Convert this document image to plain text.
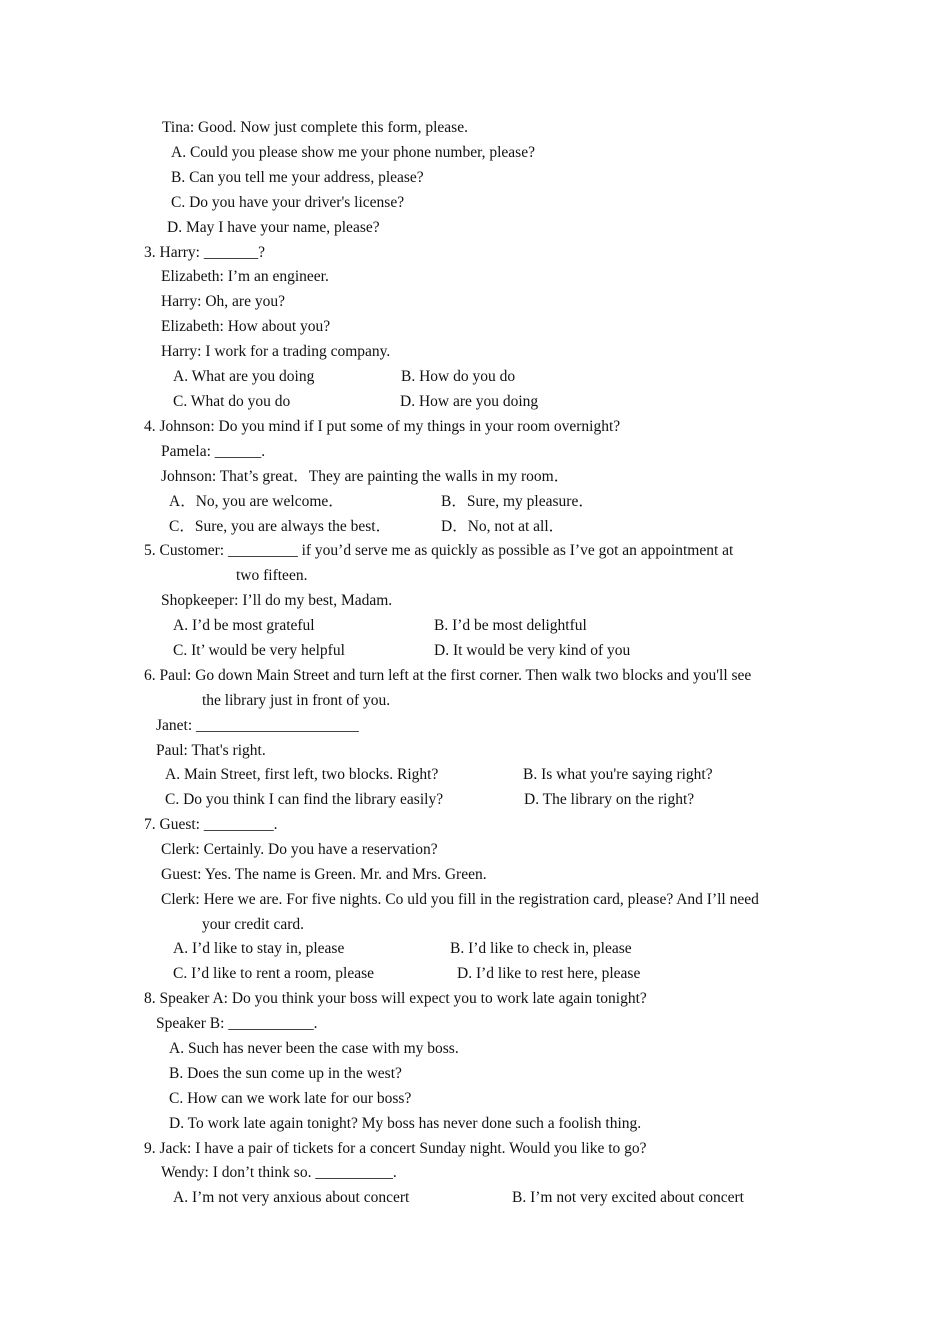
Tina: Good. Now just complete this form, please.
A. Could you please show me your phone number, please?
B. Can you tell me your address, please?
C. Do you have your driver's license?
D. May I have your name, please?
3. Harry: _______?
Elizabeth: I’m an engineer.
Harry: Oh, are you?
Elizabeth: How about you?
Harry: I work for a trading company.
A. What are you doing	B. How do you do
C. What do you do	D. How are you doing
4. Johnson: Do you mind if I put some of my things in your room overnight?
Pamela: ______.
Johnson: That’s great．They are painting the walls in my room．
A．No, you are welcome．	B．Sure, my pleasure．
C．Sure, you are always the best．	D．No, not at all．
5. Customer: _________ if you’d serve me as quickly as possible as I’ve got an appointment at
two fifteen.
Shopkeeper: I’ll do my best, Madam.
A. I’d be most grateful	B. I’d be most delightful
C. It’ would be very helpful	D. It would be very kind of you
6. Paul: Go down Main Street and turn left at the first corner. Then walk two blocks and you'll see
the library just in front of you.
Janet: _____________________
Paul: That's right.
A. Main Street, first left, two blocks. Right?	B. Is what you're saying right?
C. Do you think I can find the library easily?	D. The library on the right?
7. Guest: _________.
Clerk: Certainly. Do you have a reservation?
Guest: Yes. The name is Green. Mr. and Mrs. Green.
Clerk: Here we are. For five nights. Co uld you fill in the registration card, please? And I’ll need
your credit card.
A. I’d like to stay in, please	B. I’d like to check in, please
C. I’d like to rent a room, please	D. I’d like to rest here, please
8. Speaker A: Do you think your boss will expect you to work late again tonight?
Speaker B: ___________.
A. Such has never been the case with my boss.
B. Does the sun come up in the west?
C. How can we work late for our boss?
D. To work late again tonight? My boss has never done such a foolish thing.
9. Jack: I have a pair of tickets for a concert Sunday night. Would you like to go?
Wendy: I don’t think so. __________.
A. I’m not very anxious about concert	B. I’m not very excited about concert
